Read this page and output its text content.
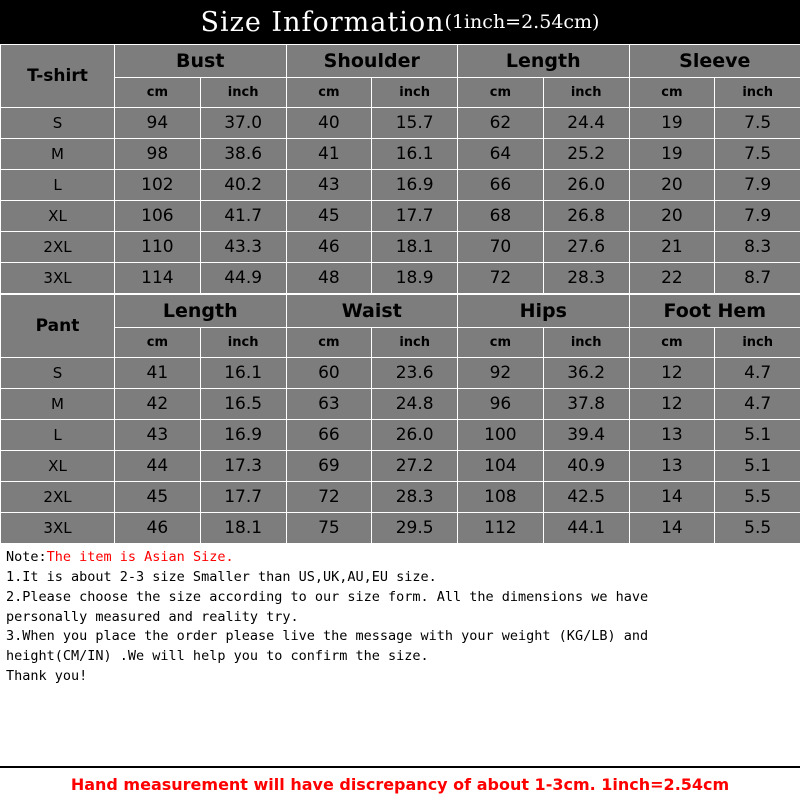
Size Information (1inch=2.54cm)
T-shirt	Bust		Shoulder		Length		Sleeve	
	cm	inch	cm	inch	cm	inch	cm	inch
S	94	37.0	40	15.7	62	24.4	19	7.5
M	98	38.6	41	16.1	64	25.2	19	7.5
L	102	40.2	43	16.9	66	26.0	20	7.9
XL	106	41.7	45	17.7	68	26.8	20	7.9
2XL	110	43.3	46	18.1	70	27.6	21	8.3
3XL	114	44.9	48	18.9	72	28.3	22	8.7
Pant	Length		Waist		Hips		Foot Hem	
	cm	inch	cm	inch	cm	inch	cm	inch
S	41	16.1	60	23.6	92	36.2	12	4.7
M	42	16.5	63	24.8	96	37.8	12	4.7
L	43	16.9	66	26.0	100	39.4	13	5.1
XL	44	17.3	69	27.2	104	40.9	13	5.1
2XL	45	17.7	72	28.3	108	42.5	14	5.5
3XL	46	18.1	75	29.5	112	44.1	14	5.5

Note:The item is Asian Size.

1.It is about 2-3 size Smaller than US,UK,AU,EU size.

2.Please choose the size according to our size form. All the dimensions we have

personally measured and reality try.

3.When you place the order please live the message with your weight (KG/LB) and

height(CM/IN) .We will help you to confirm the size.

Thank you!

Hand measurement will have discrepancy of about 1-3cm. 1inch=2.54cm
